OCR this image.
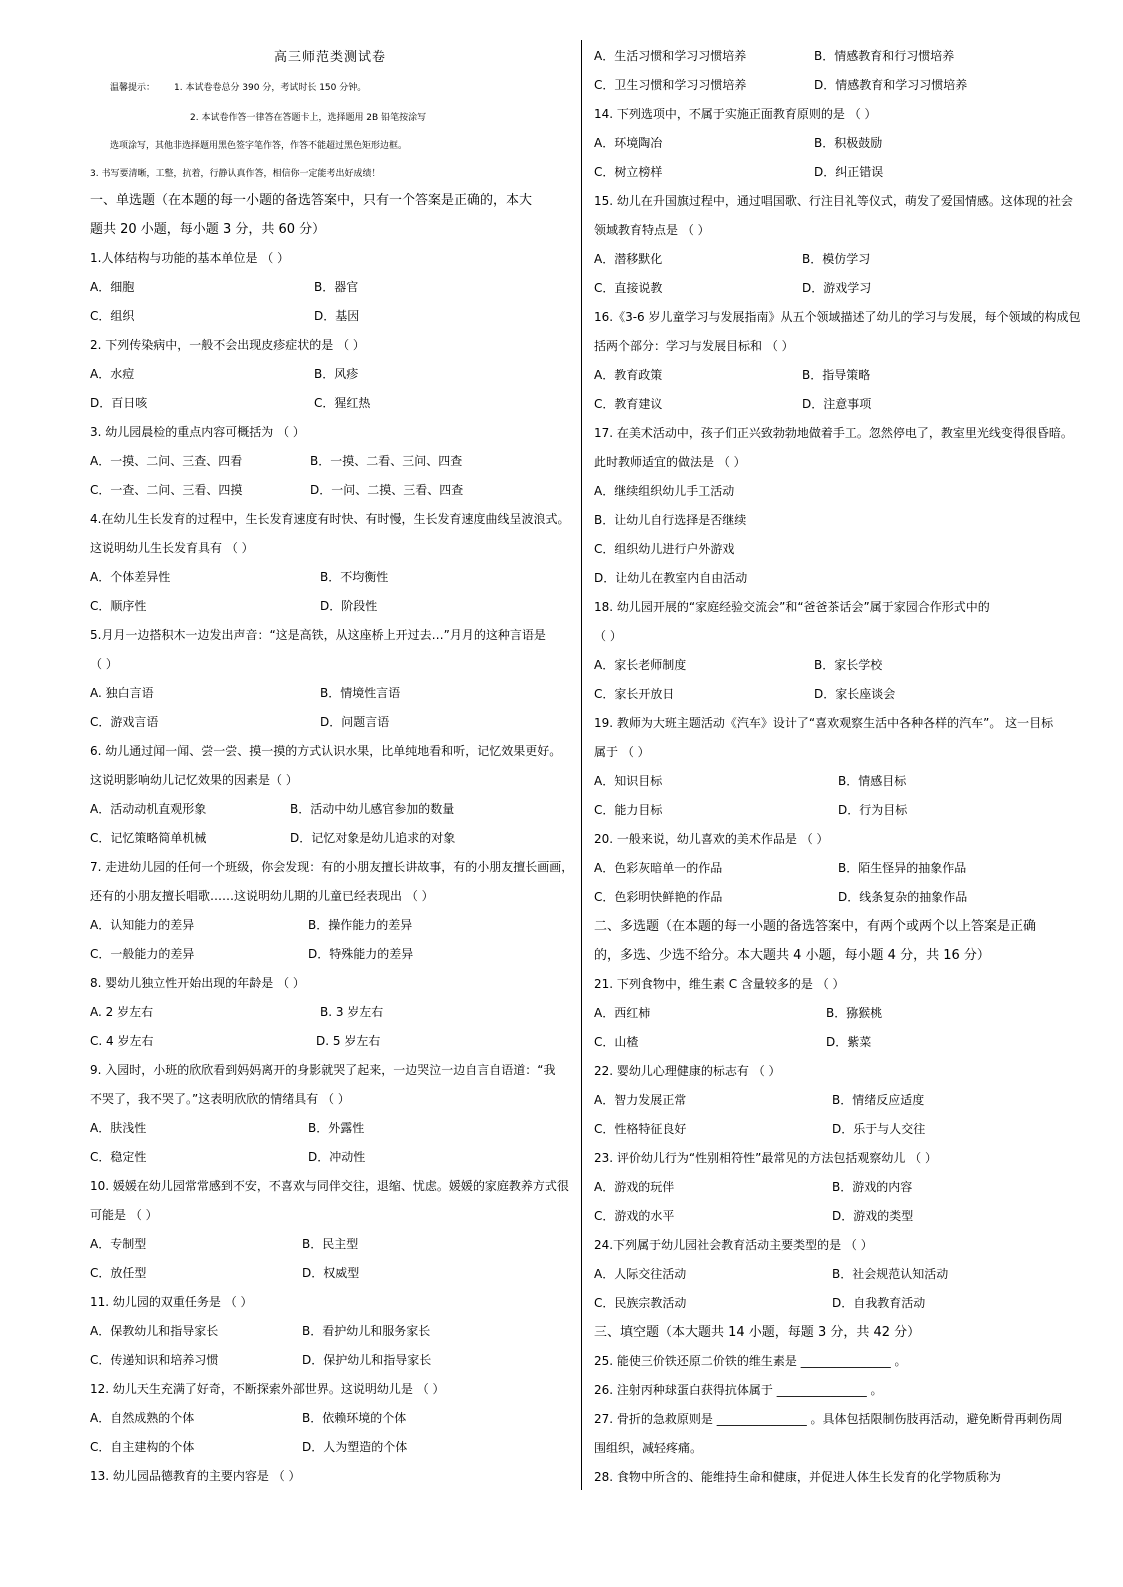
高三师范类测试卷
温馨提示： 1. 本试卷卷总分 390 分，考试时长 150 分钟。
2. 本试卷作答一律答在答题卡上，选择题用 2B 铅笔按涂写
选项涂写，其他非选择题用黑色签字笔作答，作答不能超过黑色矩形边框。
3. 书写要清晰，工整，抗着，行静认真作答，相信你一定能考出好成绩！
一、单选题（在本题的每一小题的备选答案中，只有一个答案是正确的，本大
题共 20 小题，每小题 3 分，共 60 分）
1.人体结构与功能的基本单位是 （ ）
A．细胞	B．器官
C．组织	D．基因
2. 下列传染病中，一般不会出现皮疹症状的是 （ ）
A．水痘	B．风疹
D．百日咳	C．猩红热
3. 幼儿园晨检的重点内容可概括为 （ ）
A．一摸、二问、三查、四看	B．一摸、二看、三问、四查
C．一查、二问、三看、四摸	D．一问、二摸、三看、四查
4.在幼儿生长发育的过程中，生长发育速度有时快、有时慢，生长发育速度曲线呈波浪式。
这说明幼儿生长发育具有 （ ）
A．个体差异性	B．不均衡性
C．顺序性	D．阶段性
5.月月一边搭积木一边发出声音：“这是高铁，从这座桥上开过去…”月月的这种言语是
（ ）
A. 独白言语	B．情境性言语
C．游戏言语	D．问题言语
6. 幼儿通过闻一闻、尝一尝、摸一摸的方式认识水果，比单纯地看和听，记忆效果更好。
这说明影响幼儿记忆效果的因素是（ ）
A．活动动机直观形象	B．活动中幼儿感官参加的数量
C．记忆策略简单机械	D．记忆对象是幼儿追求的对象
7. 走进幼儿园的任何一个班级，你会发现：有的小朋友擅长讲故事，有的小朋友擅长画画，
还有的小朋友擅长唱歌……这说明幼儿期的儿童已经表现出 （ ）
A．认知能力的差异	B．操作能力的差异
C．一般能力的差异	D．特殊能力的差异
8. 婴幼儿独立性开始出现的年龄是 （ ）
A. 2 岁左右	B. 3 岁左右
C. 4 岁左右	D. 5 岁左右
9. 入园时，小班的欣欣看到妈妈离开的身影就哭了起来，一边哭泣一边自言自语道：“我
不哭了，我不哭了。”这表明欣欣的情绪具有 （ ）
A．肤浅性	B．外露性
C．稳定性	D．冲动性
10. 媛媛在幼儿园常常感到不安，不喜欢与同伴交往，退缩、忧虑。媛媛的家庭教养方式很
可能是 （ ）
A．专制型	B．民主型
C．放任型	D．权威型
11. 幼儿园的双重任务是 （ ）
A．保教幼儿和指导家长	B．看护幼儿和服务家长
C．传递知识和培养习惯	D．保护幼儿和指导家长
12. 幼儿天生充满了好奇，不断探索外部世界。这说明幼儿是 （ ）
A．自然成熟的个体	B．依赖环境的个体
C．自主建构的个体	D．人为塑造的个体
13. 幼儿园品德教育的主要内容是 （ ）
A．生活习惯和学习习惯培养	B．情感教育和行习惯培养
C．卫生习惯和学习习惯培养	D．情感教育和学习习惯培养
14. 下列选项中，不属于实施正面教育原则的是 （ ）
A．环境陶冶	B．积极鼓励
C．树立榜样	D．纠正错误
15. 幼儿在升国旗过程中，通过唱国歌、行注目礼等仪式，萌发了爱国情感。这体现的社会
领域教育特点是 （ ）
A．潜移默化	B．模仿学习
C．直接说教	D．游戏学习
16.《3-6 岁儿童学习与发展指南》从五个领域描述了幼儿的学习与发展，每个领域的构成包
括两个部分：学习与发展目标和 （ ）
A．教育政策	B．指导策略
C．教育建议	D．注意事项
17. 在美术活动中，孩子们正兴致勃勃地做着手工。忽然停电了，教室里光线变得很昏暗。
此时教师适宜的做法是 （ ）
A．继续组织幼儿手工活动
B．让幼儿自行选择是否继续
C．组织幼儿进行户外游戏
D．让幼儿在教室内自由活动
18. 幼儿园开展的“家庭经验交流会”和“爸爸茶话会”属于家园合作形式中的
（ ）
A．家长老师制度	B．家长学校
C．家长开放日	D．家长座谈会
19. 教师为大班主题活动《汽车》设计了“喜欢观察生活中各种各样的汽车”。 这一目标
属于 （ ）
A．知识目标	B．情感目标
C．能力目标	D．行为目标
20. 一般来说，幼儿喜欢的美术作品是 （ ）
A．色彩灰暗单一的作品	B．陌生怪异的抽象作品
C．色彩明快鲜艳的作品	D．线条复杂的抽象作品
二、多选题（在本题的每一小题的备选答案中，有两个或两个以上答案是正确
的，多选、少选不给分。本大题共 4 小题，每小题 4 分，共 16 分）
21. 下列食物中，维生素 C 含量较多的是 （ ）
A．西红柿	B．猕猴桃
C．山楂	D．紫菜
22. 婴幼儿心理健康的标志有 （ ）
A．智力发展正常	B．情绪反应适度
C．性格特征良好	D．乐于与人交往
23. 评价幼儿行为“性别相符性”最常见的方法包括观察幼儿 （ ）
A．游戏的玩伴	B．游戏的内容
C．游戏的水平	D．游戏的类型
24.下列属于幼儿园社会教育活动主要类型的是 （ ）
A．人际交往活动	B．社会规范认知活动
C．民族宗教活动	D．自我教育活动
三、填空题（本大题共 14 小题，每题 3 分，共 42 分）
25. 能使三价铁还原二价铁的维生素是 _______________ 。
26. 注射丙种球蛋白获得抗体属于 _______________ 。
27. 骨折的急救原则是 _______________ 。具体包括限制伤肢再活动，避免断骨再刺伤周
围组织，减轻疼痛。
28. 食物中所含的、能维持生命和健康，并促进人体生长发育的化学物质称为
